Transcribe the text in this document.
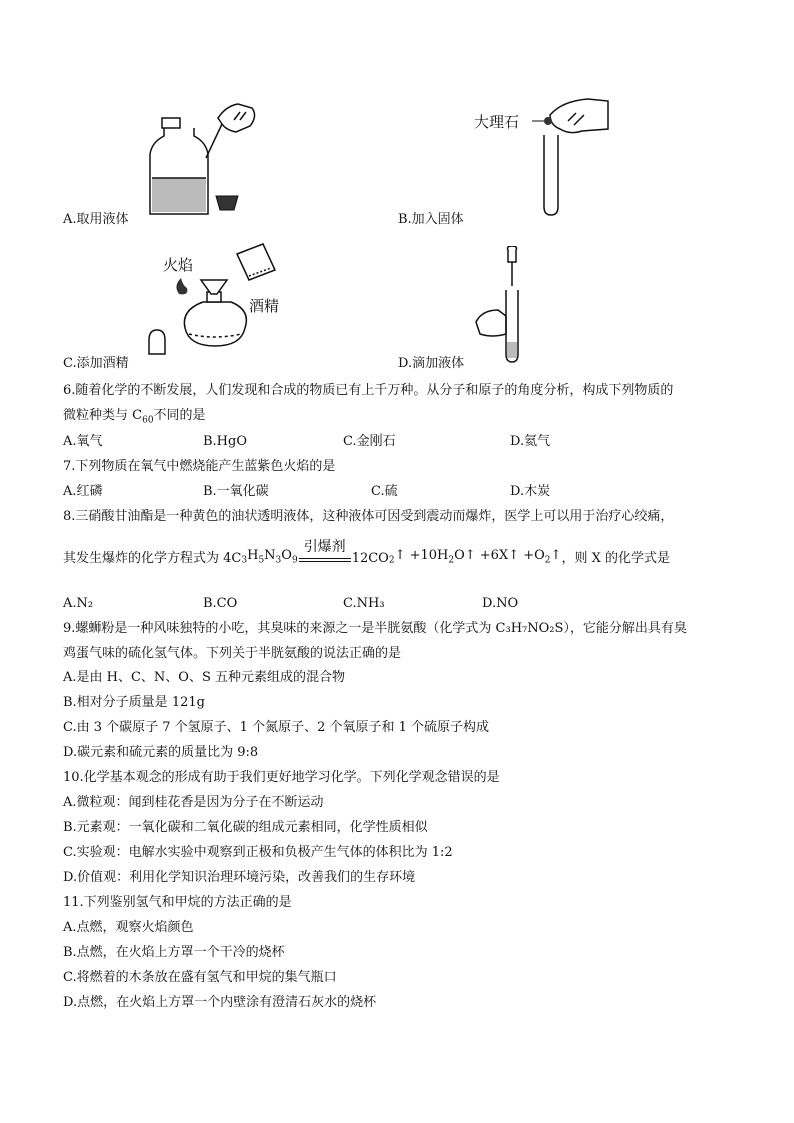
A.取用液体
大理石
B.加入固体
火焰
酒精
C.添加酒精	D.滴加液体
6.随着化学的不断发展，人们发现和合成的物质已有上千万种。从分子和原子的角度分析，构成下列物质的
微粒种类与 $C_{60}$不同的是
A.氧气	B.HgO	C.金刚石	D.氦气
7.下列物质在氧气中燃烧能产生蓝紫色火焰的是
A.红磷	B.一氧化碳	C.硫	D.木炭
8.三硝酸甘油酯是一种黄色的油状透明液体，这种液体可因受到震动而爆炸，医学上可以用于治疗心绞痛，
其发生爆炸的化学方程式为 $4C_3H_5N_3O_9$
引爆剂
$12CO_2↑$ $+10H_2O↑$ +6X↑ $+O_2↑$，则 X 的化学式是
A.N₂	B.CO	C.NH₃	D.NO
9.螺蛳粉是一种风味独特的小吃，其臭味的来源之一是半胱氨酸（化学式为 C₃H₇NO₂S），它能分解出具有臭
鸡蛋气味的硫化氢气体。下列关于半胱氨酸的说法正确的是
A.是由 H、C、N、O、S 五种元素组成的混合物
B.相对分子质量是 121g
C.由 3 个碳原子 7 个氢原子、1 个氮原子、2 个氧原子和 1 个硫原子构成
D.碳元素和硫元素的质量比为 9:8
10.化学基本观念的形成有助于我们更好地学习化学。下列化学观念错误的是
A.微粒观：闻到桂花香是因为分子在不断运动
B.元素观：一氧化碳和二氧化碳的组成元素相同，化学性质相似
C.实验观：电解水实验中观察到正极和负极产生气体的体积比为 1:2
D.价值观：利用化学知识治理环境污染，改善我们的生存环境
11.下列鉴别氢气和甲烷的方法正确的是
A.点燃，观察火焰颜色
B.点燃，在火焰上方罩一个干冷的烧杯
C.将燃着的木条放在盛有氢气和甲烷的集气瓶口
D.点燃，在火焰上方罩一个内壁涂有澄清石灰水的烧杯
